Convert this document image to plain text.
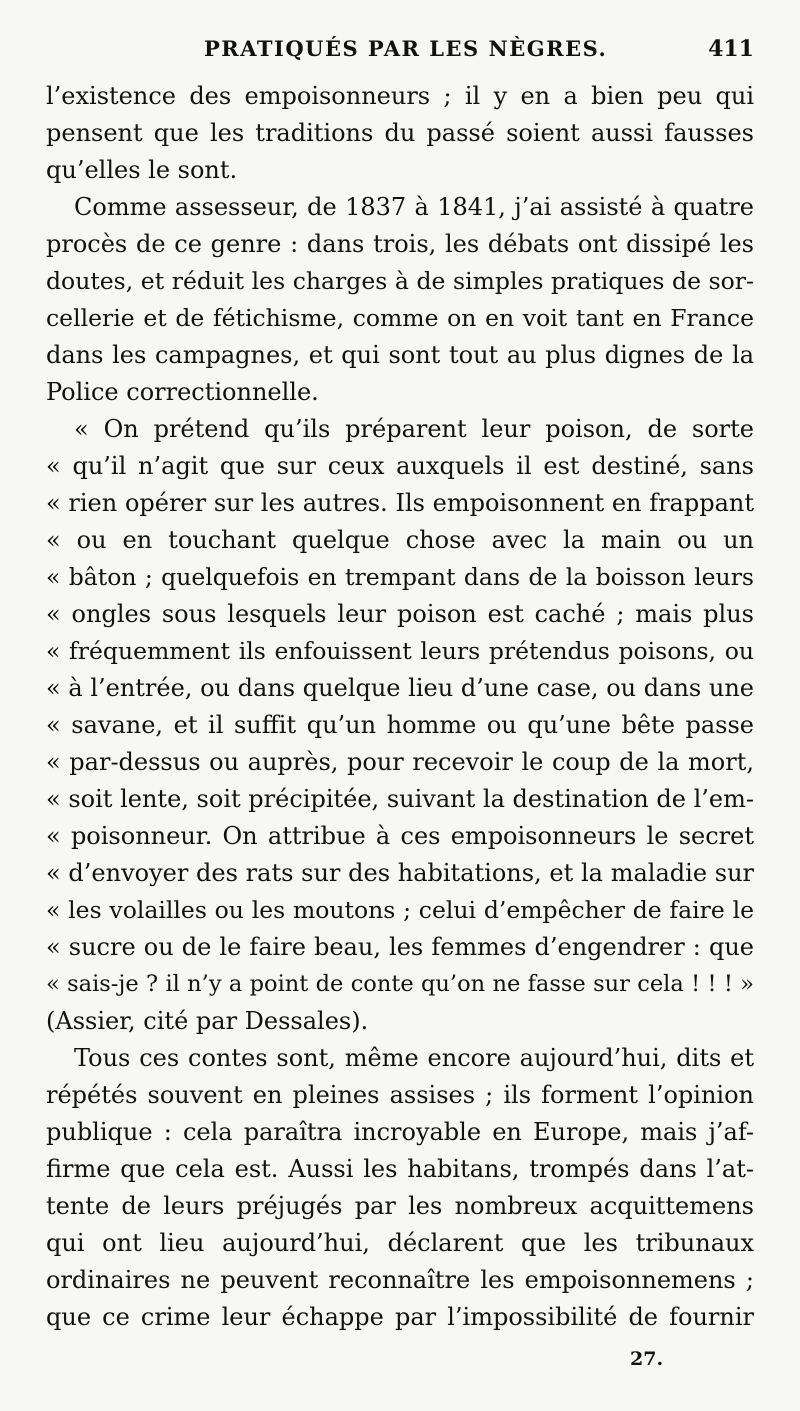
PRATIQUÉS PAR LES NÈGRES.	411
l’existence des empoisonneurs ; il y en a bien peu qui
pensent que les traditions du passé soient aussi fausses
qu’elles le sont.
Comme assesseur, de 1837 à 1841, j’ai assisté à quatre
procès de ce genre : dans trois, les débats ont dissipé les
doutes, et réduit les charges à de simples pratiques de sor-
cellerie et de fétichisme, comme on en voit tant en France
dans les campagnes, et qui sont tout au plus dignes de la
Police correctionnelle.
« On prétend qu’ils préparent leur poison, de sorte
« qu’il n’agit que sur ceux auxquels il est destiné, sans
« rien opérer sur les autres. Ils empoisonnent en frappant
« ou en touchant quelque chose avec la main ou un
« bâton ; quelquefois en trempant dans de la boisson leurs
« ongles sous lesquels leur poison est caché ; mais plus
« fréquemment ils enfouissent leurs prétendus poisons, ou
« à l’entrée, ou dans quelque lieu d’une case, ou dans une
« savane, et il suffit qu’un homme ou qu’une bête passe
« par-dessus ou auprès, pour recevoir le coup de la mort,
« soit lente, soit précipitée, suivant la destination de l’em-
« poisonneur. On attribue à ces empoisonneurs le secret
« d’envoyer des rats sur des habitations, et la maladie sur
« les volailles ou les moutons ; celui d’empêcher de faire le
« sucre ou de le faire beau, les femmes d’engendrer : que
« sais-je ? il n’y a point de conte qu’on ne fasse sur cela ! ! ! »
(Assier, cité par Dessales).
Tous ces contes sont, même encore aujourd’hui, dits et
répétés souvent en pleines assises ; ils forment l’opinion
publique : cela paraîtra incroyable en Europe, mais j’af-
firme que cela est. Aussi les habitans, trompés dans l’at-
tente de leurs préjugés par les nombreux acquittemens
qui ont lieu aujourd’hui, déclarent que les tribunaux
ordinaires ne peuvent reconnaître les empoisonnemens ;
que ce crime leur échappe par l’impossibilité de fournir
27.
